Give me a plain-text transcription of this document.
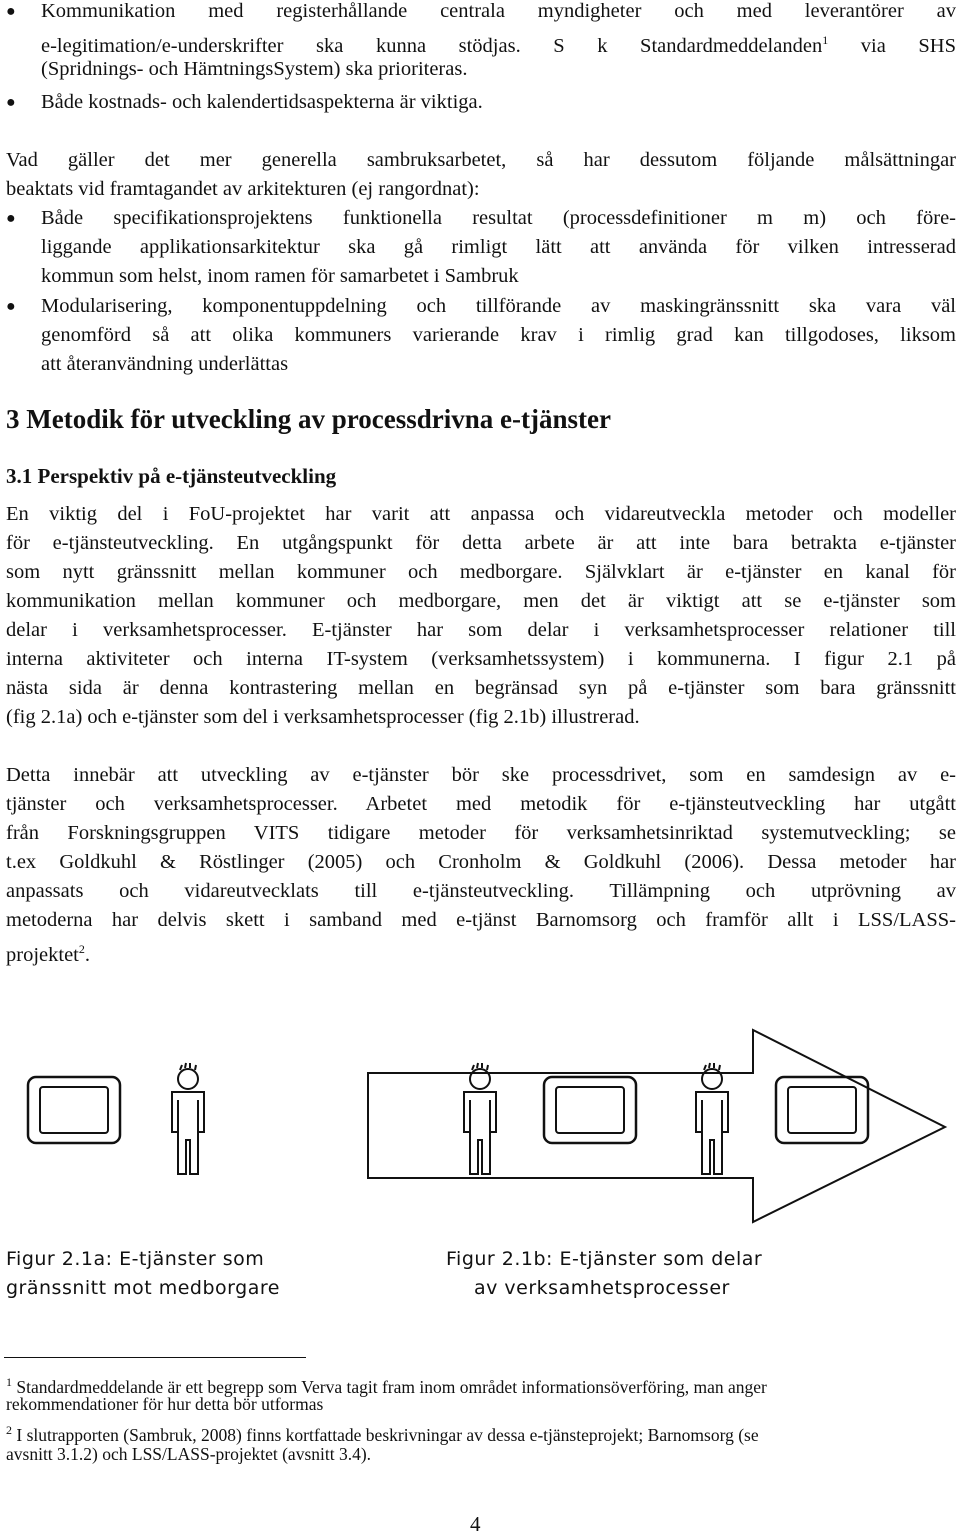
● Kommunikation med registerhållande centrala myndigheter och med leverantörer av
e-legitimation/e-underskrifter ska kunna stödjas. S k Standardmeddelanden$^1$ via SHS
(Spridnings- och HämtningsSystem) ska prioriteras.
● Både kostnads- och kalendertidsaspekterna är viktiga.
Vad gäller det mer generella sambruksarbetet, så har dessutom följande målsättningar
beaktats vid framtagandet av arkitekturen (ej rangordnat):
● Både specifikationsprojektens funktionella resultat (processdefinitioner m m) och före-
liggande applikationsarkitektur ska gå rimligt lätt att använda för vilken intresserad
kommun som helst, inom ramen för samarbetet i Sambruk
● Modularisering, komponentuppdelning och tillförande av maskingränssnitt ska vara väl
genomförd så att olika kommuners varierande krav i rimlig grad kan tillgodoses, liksom
att återanvändning underlättas
3 Metodik för utveckling av processdrivna e-tjänster
3.1 Perspektiv på e-tjänsteutveckling
En viktig del i FoU-projektet har varit att anpassa och vidareutveckla metoder och modeller
för e-tjänsteutveckling. En utgångspunkt för detta arbete är att inte bara betrakta e-tjänster
som nytt gränssnitt mellan kommuner och medborgare. Självklart är e-tjänster en kanal för
kommunikation mellan kommuner och medborgare, men det är viktigt att se e-tjänster som
delar i verksamhetsprocesser. E-tjänster har som delar i verksamhetsprocesser relationer till
interna aktiviteter och interna IT-system (verksamhetssystem) i kommunerna. I figur 2.1 på
nästa sida är denna kontrastering mellan en begränsad syn på e-tjänster som bara gränssnitt
(fig 2.1a) och e-tjänster som del i verksamhetsprocesser (fig 2.1b) illustrerad.
Detta innebär att utveckling av e-tjänster bör ske processdrivet, som en samdesign av e-
tjänster och verksamhetsprocesser. Arbetet med metodik för e-tjänsteutveckling har utgått
från Forskningsgruppen VITS tidigare metoder för verksamhetsinriktad systemutveckling; se
t.ex Goldkuhl & Röstlinger (2005) och Cronholm & Goldkuhl (2006). Dessa metoder har
anpassats och vidareutvecklats till e-tjänsteutveckling. Tillämpning och utprövning av
metoderna har delvis skett i samband med e-tjänst Barnomsorg och framför allt i LSS/LASS-
projektet$^2$.
Figur 2.1a: E-tjänster som
gränssnitt mot medborgare
Figur 2.1b: E-tjänster som delar
av verksamhetsprocesser
$^1$ Standardmeddelande är ett begrepp som Verva tagit fram inom området informationsöverföring, man anger
rekommendationer för hur detta bör utformas
$^2$ I slutrapporten (Sambruk, 2008) finns kortfattade beskrivningar av dessa e-tjänsteprojekt; Barnomsorg (se
avsnitt 3.1.2) och LSS/LASS-projektet (avsnitt 3.4).
4
